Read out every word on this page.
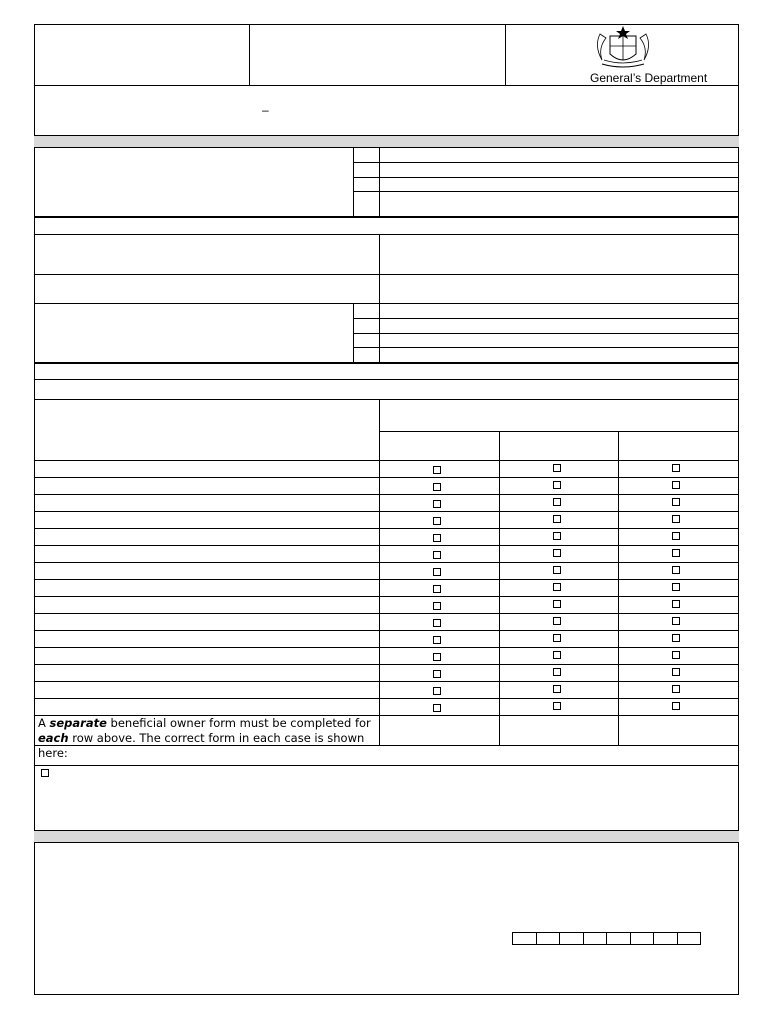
General’s Department
–
A separate beneficial owner form must be completed for each row above. The correct form in each case is shown here:
